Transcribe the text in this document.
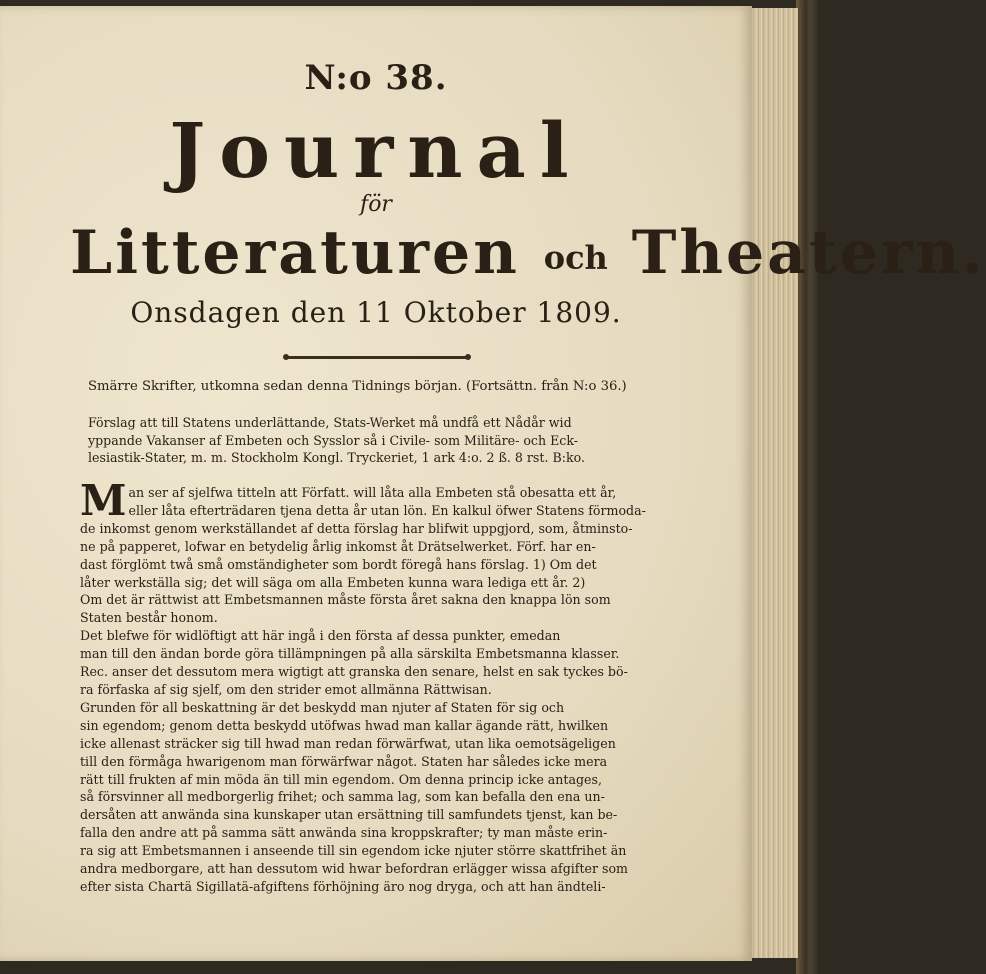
N:o 38.
Journal
för
Litteraturen och Theatern.
Onsdagen den 11 Oktober 1809.
Smärre Skrifter, utkomna sedan denna Tidnings början. (Fortsättn. från N:o 36.)
Förslag att till Statens underlättande, Stats-Werket må undfå ett Nådår wid
yppande Vakanser af Embeten och Sysslor så i Civile- som Militäre- och Eck-
lesiastik-Stater, m. m. Stockholm Kongl. Tryckeriet, 1 ark 4:o. 2 ß. 8 rst. B:ko.
M an ser af sjelfwa titteln att Författ. will låta alla Embeten stå obesatta ett år,
eller låta efterträdaren tjena detta år utan lön. En kalkul öfwer Statens förmoda-
de inkomst genom werkställandet af detta förslag har blifwit uppgjord, som, åtminsto-
ne på papperet, lofwar en betydelig årlig inkomst åt Drätselwerket. Förf. har en-
dast förglömt twå små omständigheter som bordt föregå hans förslag. 1) Om det
låter werkställa sig; det will säga om alla Embeten kunna wara lediga ett år. 2)
Om det är rättwist att Embetsmannen måste första året sakna den knappa lön som
Staten består honom.
Det blefwe för widlöftigt att här ingå i den första af dessa punkter, emedan
man till den ändan borde göra tillämpningen på alla särskilta Embetsmanna klasser.
Rec. anser det dessutom mera wigtigt att granska den senare, helst en sak tyckes bö-
ra förfaska af sig sjelf, om den strider emot allmänna Rättwisan.
Grunden för all beskattning är det beskydd man njuter af Staten för sig och
sin egendom; genom detta beskydd utöfwas hwad man kallar ägande rätt, hwilken
icke allenast sträcker sig till hwad man redan förwärfwat, utan lika oemotsägeligen
till den förmåga hwarigenom man förwärfwar något. Staten har således icke mera
rätt till frukten af min möda än till min egendom. Om denna princip icke antages,
så försvinner all medborgerlig frihet; och samma lag, som kan befalla den ena un-
dersåten att anwända sina kunskaper utan ersättning till samfundets tjenst, kan be-
falla den andre att på samma sätt anwända sina kroppskrafter; ty man måste erin-
ra sig att Embetsmannen i anseende till sin egendom icke njuter större skattfrihet än
andra medborgare, att han dessutom wid hwar befordran erlägger wissa afgifter som
efter sista Chartä Sigillatä-afgiftens förhöjning äro nog dryga, och att han ändteli-
